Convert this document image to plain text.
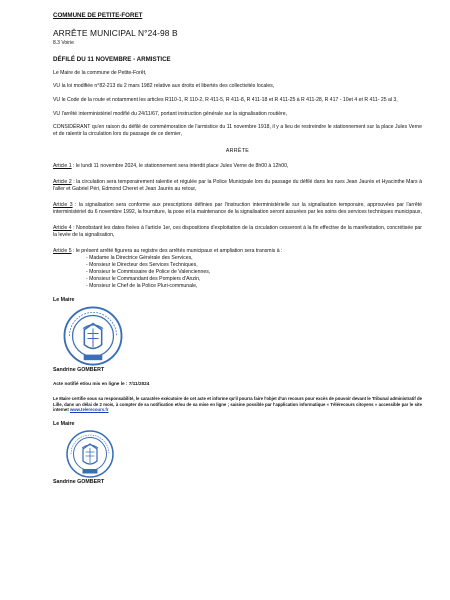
COMMUNE DE PETITE-FORET
ARRÊTE MUNICIPAL N°24-98 B
8.3 Voirie
DÉFILÉ DU 11 NOVEMBRE - ARMISTICE
Le Maire de la commune de Petite-Forêt,
VU la loi modifiée n°82-213 du 2 mars 1982 relative aux droits et libertés des collectivités locales,
VU le Code de la route et notamment les articles R110-1, R 110-2, R 411-5, R 411-8, R 411-18 et R 411-25 à R 411-28, R 417 - 10et 4 et R 411- 25 al 3,
VU l'arrêté interministériel modifié du 24/11/67, portant instruction générale sur la signalisation routière,
CONSIDÉRANT qu'en raison du défilé de commémoration de l'armistice du 11 novembre 1918, il y a lieu de restreindre le stationnement sur la place Jules Verne et de ralentir la circulation lors du passage de ce dernier,
ARRÊTE
Article 1 : le lundi 11 novembre 2024, le stationnement sera interdit place Jules Verne de 8h00 à 12h00,
Article 2 : la circulation sera temporairement ralentie et régulée par la Police Municipale lors du passage du défilé dans les rues Jean Jaurès et Hyacinthe Mars à l'aller et Gabriel Péri, Edmond Cheret et Jean Jaurès au retour,
Article 3 : la signalisation sera conforme aux prescriptions définies par l'instruction interministérielle sur la signalisation temporaire, approuvées par l'arrêté interministériel du 6 novembre 1992, la fourniture, la pose et la maintenance de la signalisation seront assurées par les soins des services techniques municipaux,
Article 4 : Nonobstant les dates fixées à l'article 1er, ces dispositions d'exploitation de la circulation cesseront à la fin effective de la manifestation, concrétisée par la levée de la signalisation,
Article 5 : le présent arrêté figurera au registre des arrêtés municipaux et ampliation sera transmis à :
- Madame la Directrice Générale des Services,
- Monsieur le Directeur des Services Techniques,
- Monsieur le Commissaire de Police de Valenciennes,
- Monsieur le Commandant des Pompiers d'Anzin,
- Monsieur le Chef de la Police Pluri-communale,
Le Maire
Sandrine GOMBERT
Acte notifié et/ou mis en ligne le : 7/11/2024
Le Maire certifie sous sa responsabilité, le caractère exécutoire de cet acte et informe qu'il pourra faire l'objet d'un recours pour excès de pouvoir devant le Tribunal administratif de Lille, dans un délai de 2 mois, à compter de sa notification et/ou de sa mise en ligne ; saisine possible par l'application informatique « Télérecours citoyens » accessible par le site internet www.telerecours.fr
Le Maire
Sandrine GOMBERT
